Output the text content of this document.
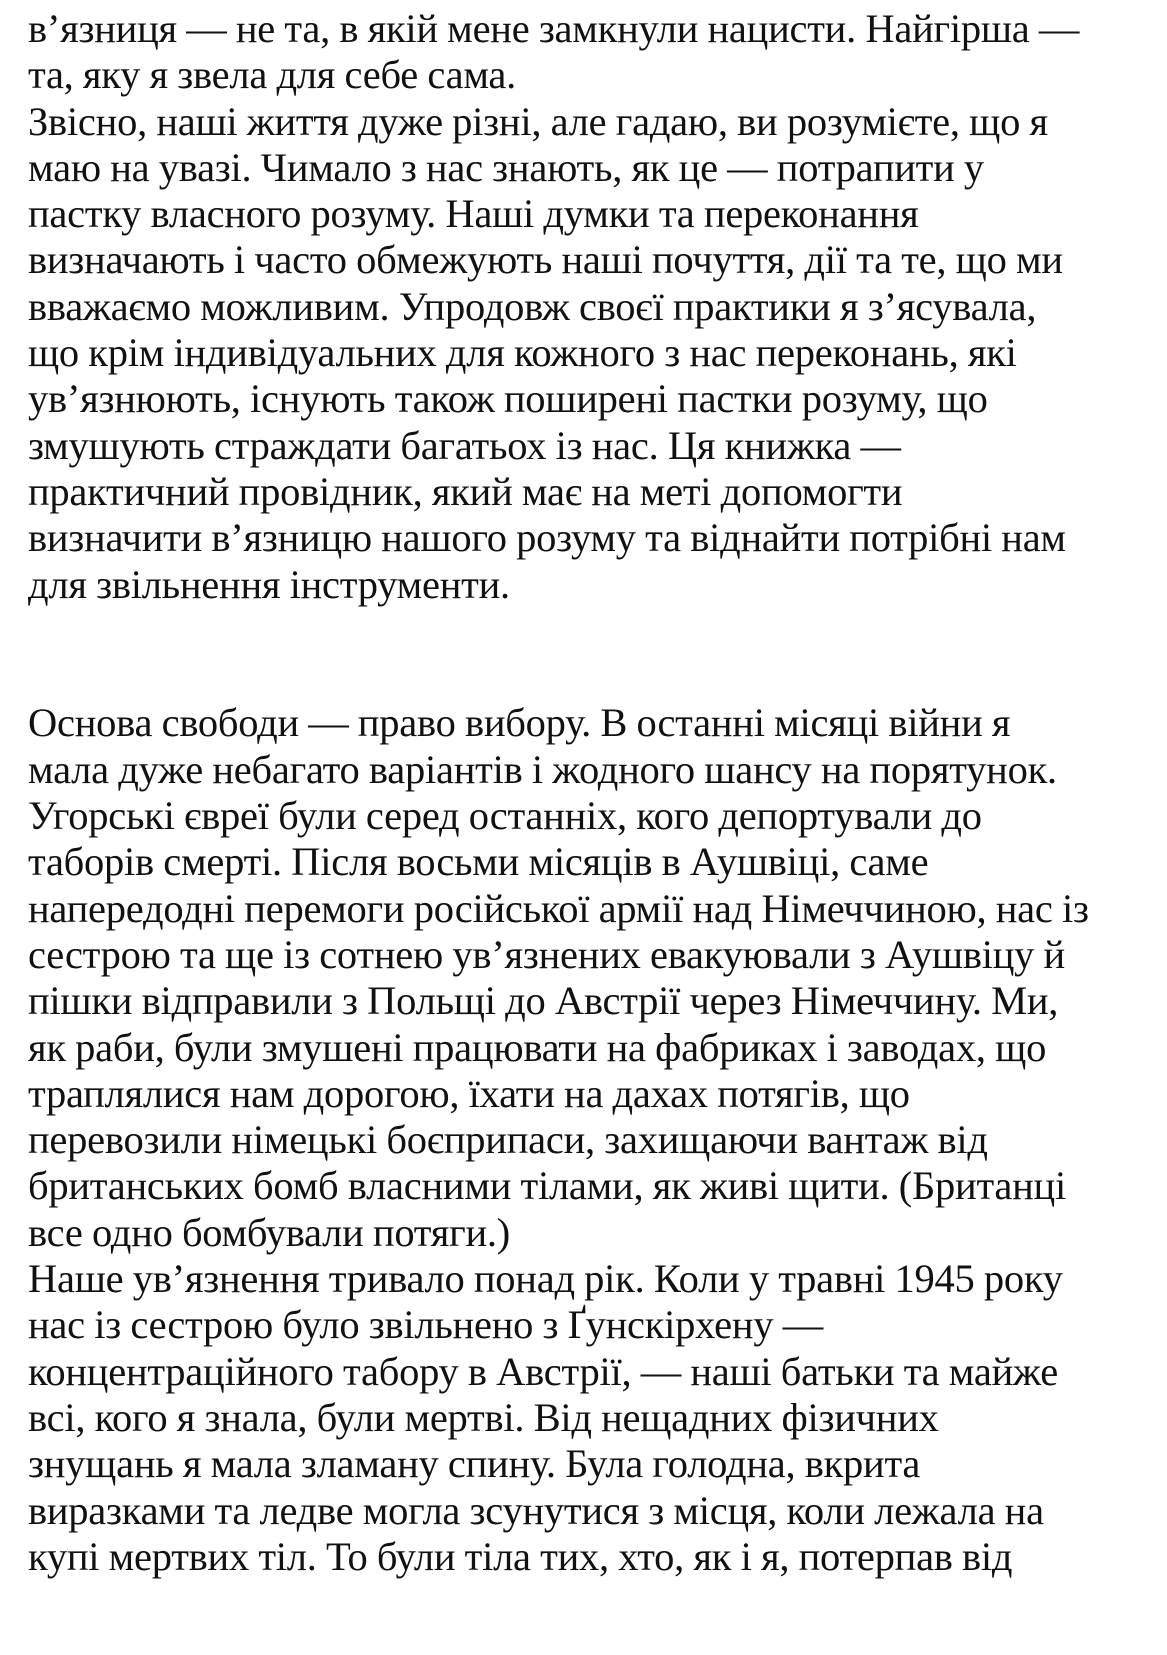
в’язниця — не та, в якій мене замкнули нацисти. Найгірша —
та, яку я звела для себе сама.
Звісно, наші життя дуже різні, але гадаю, ви розумієте, що я
маю на увазі. Чимало з нас знають, як це — потрапити у
пастку власного розуму. Наші думки та переконання
визначають і часто обмежують наші почуття, дії та те, що ми
вважаємо можливим. Упродовж своєї практики я з’ясувала,
що крім індивідуальних для кожного з нас переконань, які
ув’язнюють, існують також поширені пастки розуму, що
змушують страждати багатьох із нас. Ця книжка —
практичний провідник, який має на меті допомогти
визначити в’язницю нашого розуму та віднайти потрібні нам
для звільнення інструменти.
Основа свободи — право вибору. В останні місяці війни я
мала дуже небагато варіантів і жодного шансу на порятунок.
Угорські євреї були серед останніх, кого депортували до
таборів смерті. Після восьми місяців в Аушвіці, саме
напередодні перемоги російської армії над Німеччиною, нас із
сестрою та ще із сотнею ув’язнених евакуювали з Аушвіцу й
пішки відправили з Польщі до Австрії через Німеччину. Ми,
як раби, були змушені працювати на фабриках і заводах, що
траплялися нам дорогою, їхати на дахах потягів, що
перевозили німецькі боєприпаси, захищаючи вантаж від
британських бомб власними тілами, як живі щити. (Британці
все одно бомбували потяги.)
Наше ув’язнення тривало понад рік. Коли у травні 1945 року
нас із сестрою було звільнено з Ґунскірхену —
концентраційного табору в Австрії, — наші батьки та майже
всі, кого я знала, були мертві. Від нещадних фізичних
знущань я мала зламану спину. Була голодна, вкрита
виразками та ледве могла зсунутися з місця, коли лежала на
купі мертвих тіл. То були тіла тих, хто, як і я, потерпав від
